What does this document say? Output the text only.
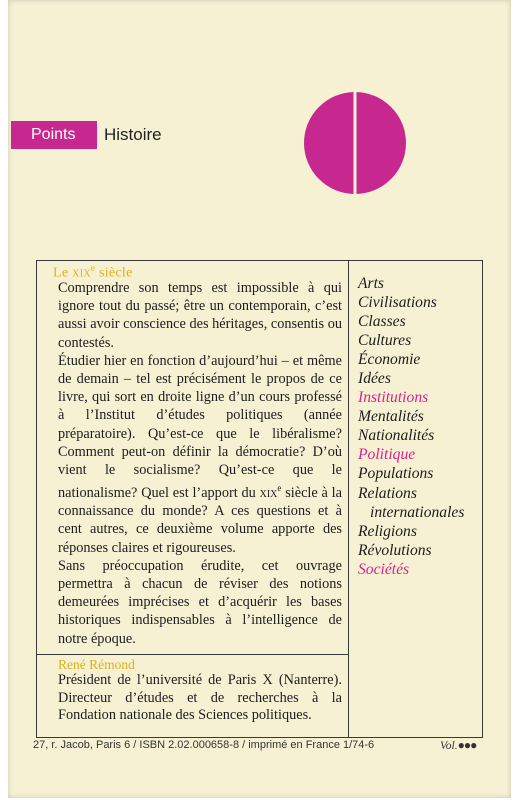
Points	Histoire
Le xix$^e$ siècle

Comprendre son temps est impossible à qui ignore tout du passé; être un contemporain, c’est aussi avoir conscience des héritages, consentis ou contestés.

Étudier hier en fonction d’aujourd’hui – et même de demain – tel est précisément le propos de ce livre, qui sort en droite ligne d’un cours professé à l’Institut d’études politiques (année préparatoire). Qu’est-ce que le libéralisme? Comment peut-on définir la démocratie? D’où vient le socialisme? Qu’est-ce que le nationalisme? Quel est l’apport du xix$^e$ siècle à la connaissance du monde? A ces questions et à cent autres, ce deuxième volume apporte des réponses claires et rigoureuses.

Sans préoccupation érudite, cet ouvrage permettra à chacun de réviser des notions demeurées imprécises et d’acquérir les bases historiques indispensables à l’intelligence de notre époque.

René Rémond
Président de l’université de Paris X (Nanterre). Directeur d’études et de recherches à la Fondation nationale des Sciences politiques.
Arts
Civilisations
Classes
Cultures
Économie
Idées
Institutions
Mentalités
Nationalités
Politique
Populations
Relations
internationales
Religions
Révolutions
Sociétés
27, r. Jacob, Paris 6 / ISBN 2.02.000658-8 / imprimé en France 1/74-6	Vol.●●●
